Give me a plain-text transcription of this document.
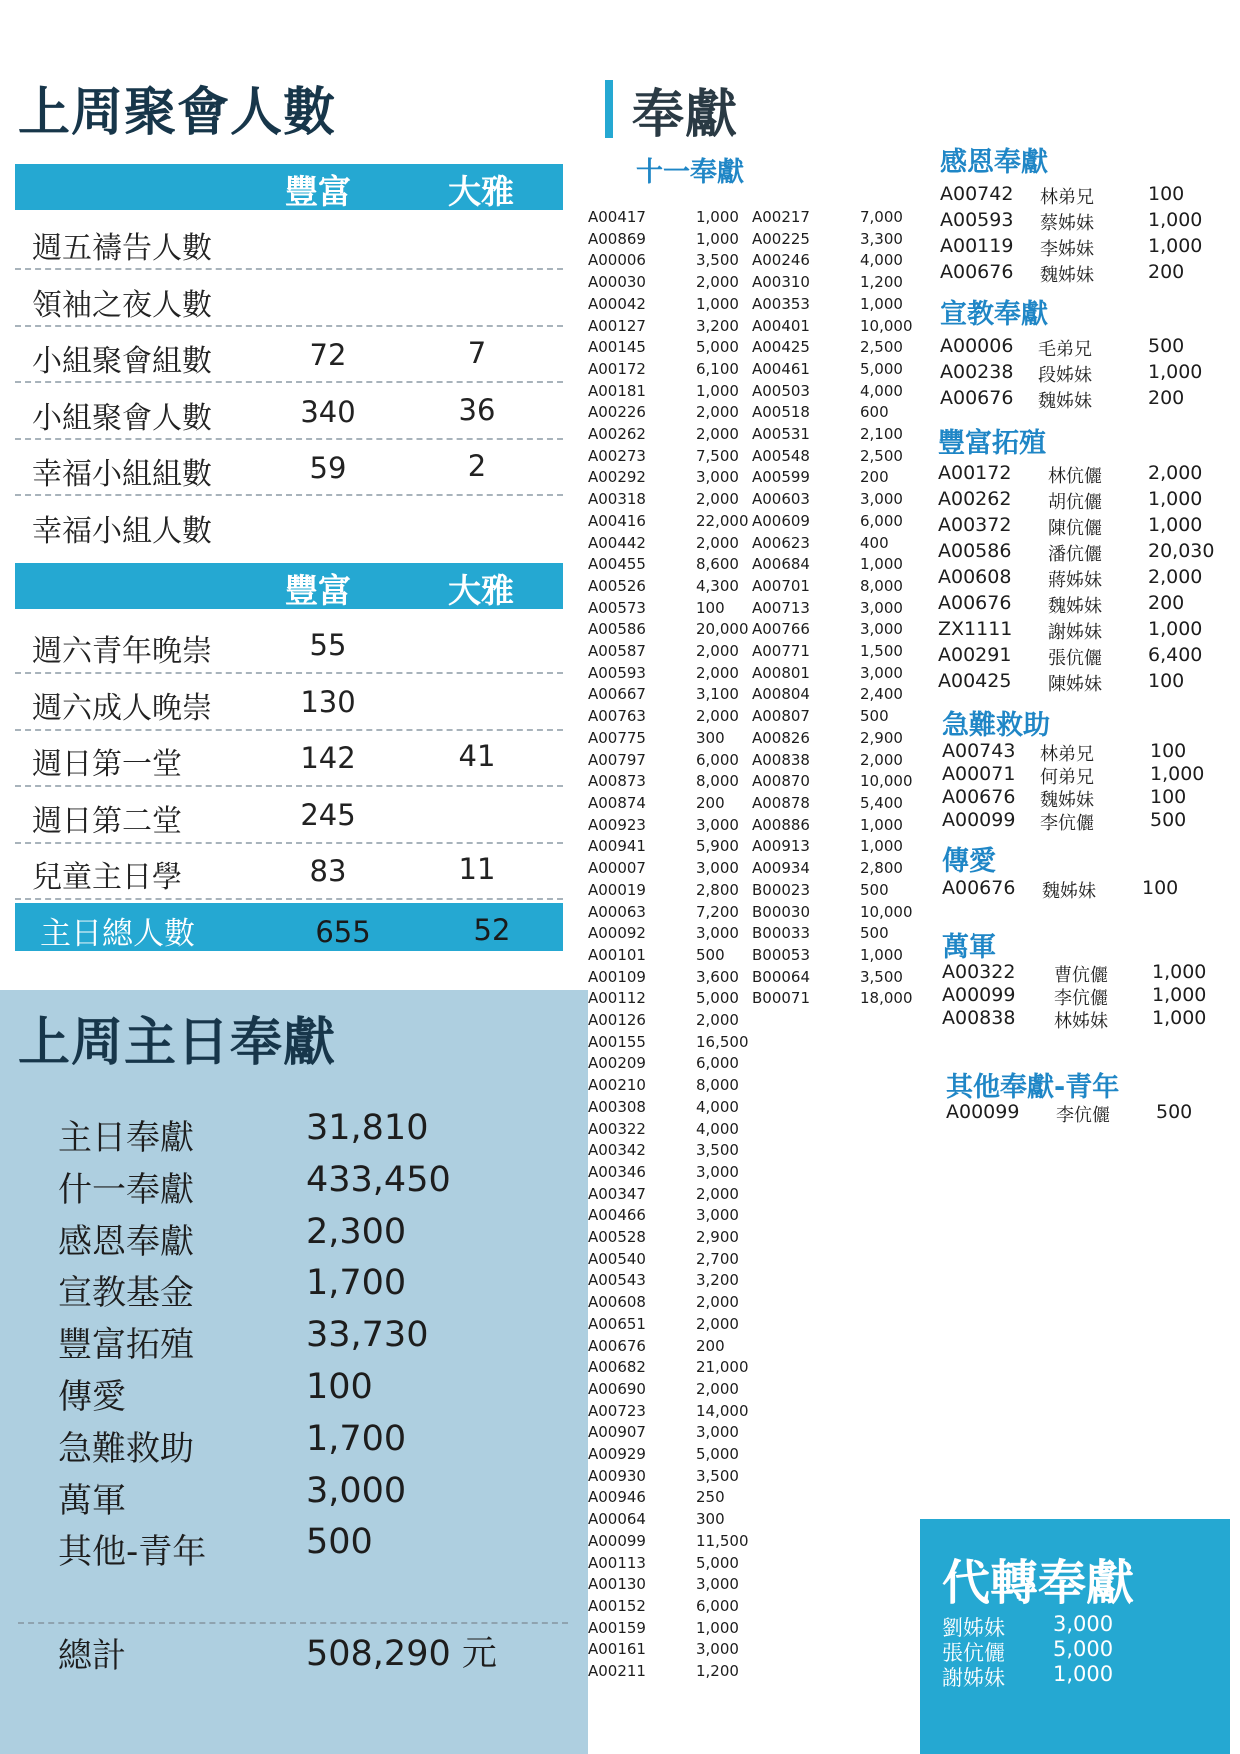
上周聚會人數
豐富	大雅
週五禱告人數
領袖之夜人數
小組聚會組數	72	7
小組聚會人數	340	36
幸福小組組數	59	2
幸福小組人數
豐富	大雅
週六青年晚崇	55
週六成人晚崇	130
週日第一堂	142	41
週日第二堂	245
兒童主日學	83	11
主日總人數	655	52
上周主日奉獻
主日奉獻	31,810
什一奉獻	433,450
感恩奉獻	2,300
宣教基金	1,700
豐富拓殖	33,730
傳愛	100
急難救助	1,700
萬軍	3,000
其他-青年	500
總計	508,290 元
奉獻
十一奉獻
A00417	1,000
A00869	1,000
A00006	3,500
A00030	2,000
A00042	1,000
A00127	3,200
A00145	5,000
A00172	6,100
A00181	1,000
A00226	2,000
A00262	2,000
A00273	7,500
A00292	3,000
A00318	2,000
A00416	22,000
A00442	2,000
A00455	8,600
A00526	4,300
A00573	100
A00586	20,000
A00587	2,000
A00593	2,000
A00667	3,100
A00763	2,000
A00775	300
A00797	6,000
A00873	8,000
A00874	200
A00923	3,000
A00941	5,900
A00007	3,000
A00019	2,800
A00063	7,200
A00092	3,000
A00101	500
A00109	3,600
A00112	5,000
A00126	2,000
A00155	16,500
A00209	6,000
A00210	8,000
A00308	4,000
A00322	4,000
A00342	3,500
A00346	3,000
A00347	2,000
A00466	3,000
A00528	2,900
A00540	2,700
A00543	3,200
A00608	2,000
A00651	2,000
A00676	200
A00682	21,000
A00690	2,000
A00723	14,000
A00907	3,000
A00929	5,000
A00930	3,500
A00946	250
A00064	300
A00099	11,500
A00113	5,000
A00130	3,000
A00152	6,000
A00159	1,000
A00161	3,000
A00211	1,200
A00217	7,000
A00225	3,300
A00246	4,000
A00310	1,200
A00353	1,000
A00401	10,000
A00425	2,500
A00461	5,000
A00503	4,000
A00518	600
A00531	2,100
A00548	2,500
A00599	200
A00603	3,000
A00609	6,000
A00623	400
A00684	1,000
A00701	8,000
A00713	3,000
A00766	3,000
A00771	1,500
A00801	3,000
A00804	2,400
A00807	500
A00826	2,900
A00838	2,000
A00870	10,000
A00878	5,400
A00886	1,000
A00913	1,000
A00934	2,800
B00023	500
B00030	10,000
B00033	500
B00053	1,000
B00064	3,500
B00071	18,000
感恩奉獻
A00742 林弟兄	100
A00593 蔡姊妹	1,000
A00119 李姊妹	1,000
A00676 魏姊妹	200
宣教奉獻
A00006 毛弟兄	500
A00238 段姊妹	1,000
A00676 魏姊妹	200
豐富拓殖
A00172 林伉儷 2,000
A00262 胡伉儷 1,000
A00372 陳伉儷 1,000
A00586 潘伉儷 20,030
A00608 蔣姊妹 2,000
A00676 魏姊妹 200
ZX1111 謝姊妹 1,000
A00291 張伉儷 6,400
A00425 陳姊妹 100
急難救助
A00743 林弟兄	100
A00071 何弟兄	1,000
A00676 魏姊妹	100
A00099 李伉儷	500
傳愛
A00676 魏姊妹 100
萬軍
A00322 曹伉儷 1,000
A00099 李伉儷 1,000
A00838 林姊妹 1,000
其他奉獻-青年
A00099 李伉儷 500
代轉奉獻
劉姊妹 3,000
張伉儷 5,000
謝姊妹 1,000
